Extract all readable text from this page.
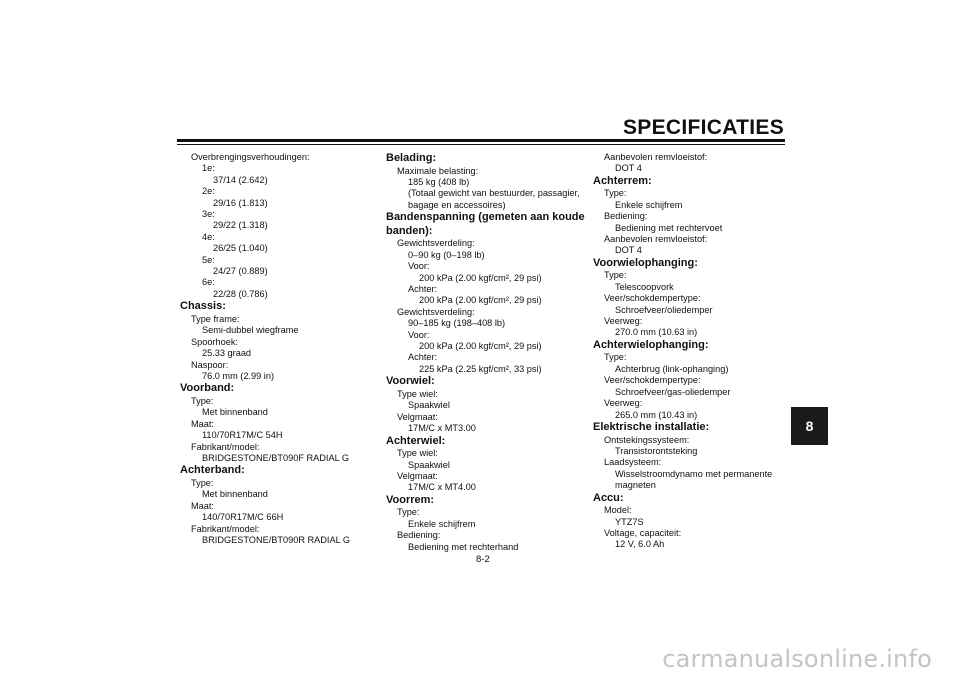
SPECIFICATIES
Overbrengingsverhoudingen:
1e:
37/14 (2.642)
2e:
29/16 (1.813)
3e:
29/22 (1.318)
4e:
26/25 (1.040)
5e:
24/27 (0.889)
6e:
22/28 (0.786)
Chassis:
Type frame:
Semi-dubbel wiegframe
Spoorhoek:
25.33 graad
Naspoor:
76.0 mm (2.99 in)
Voorband:
Type:
Met binnenband
Maat:
110/70R17M/C 54H
Fabrikant/model:
BRIDGESTONE/BT090F RADIAL G
Achterband:
Type:
Met binnenband
Maat:
140/70R17M/C 66H
Fabrikant/model:
BRIDGESTONE/BT090R RADIAL G
Belading:
Maximale belasting:
185 kg (408 lb)
(Totaal gewicht van bestuurder, passagier,
bagage en accessoires)
Bandenspanning (gemeten aan koude
banden):
Gewichtsverdeling:
0–90 kg (0–198 lb)
Voor:
200 kPa (2.00 kgf/cm², 29 psi)
Achter:
200 kPa (2.00 kgf/cm², 29 psi)
Gewichtsverdeling:
90–185 kg (198–408 lb)
Voor:
200 kPa (2.00 kgf/cm², 29 psi)
Achter:
225 kPa (2.25 kgf/cm², 33 psi)
Voorwiel:
Type wiel:
Spaakwiel
Velgmaat:
17M/C x MT3.00
Achterwiel:
Type wiel:
Spaakwiel
Velgmaat:
17M/C x MT4.00
Voorrem:
Type:
Enkele schijfrem
Bediening:
Bediening met rechterhand
Aanbevolen remvloeistof:
DOT 4
Achterrem:
Type:
Enkele schijfrem
Bediening:
Bediening met rechtervoet
Aanbevolen remvloeistof:
DOT 4
Voorwielophanging:
Type:
Telescoopvork
Veer/schokdempertype:
Schroefveer/oliedemper
Veerweg:
270.0 mm (10.63 in)
Achterwielophanging:
Type:
Achterbrug (link-ophanging)
Veer/schokdempertype:
Schroefveer/gas-oliedemper
Veerweg:
265.0 mm (10.43 in)
Elektrische installatie:
Ontstekingssysteem:
Transistorontsteking
Laadsysteem:
Wisselstroomdynamo met permanente
magneten
Accu:
Model:
YTZ7S
Voltage, capaciteit:
12 V, 6.0 Ah
8
8-2
carmanualsonline.info
